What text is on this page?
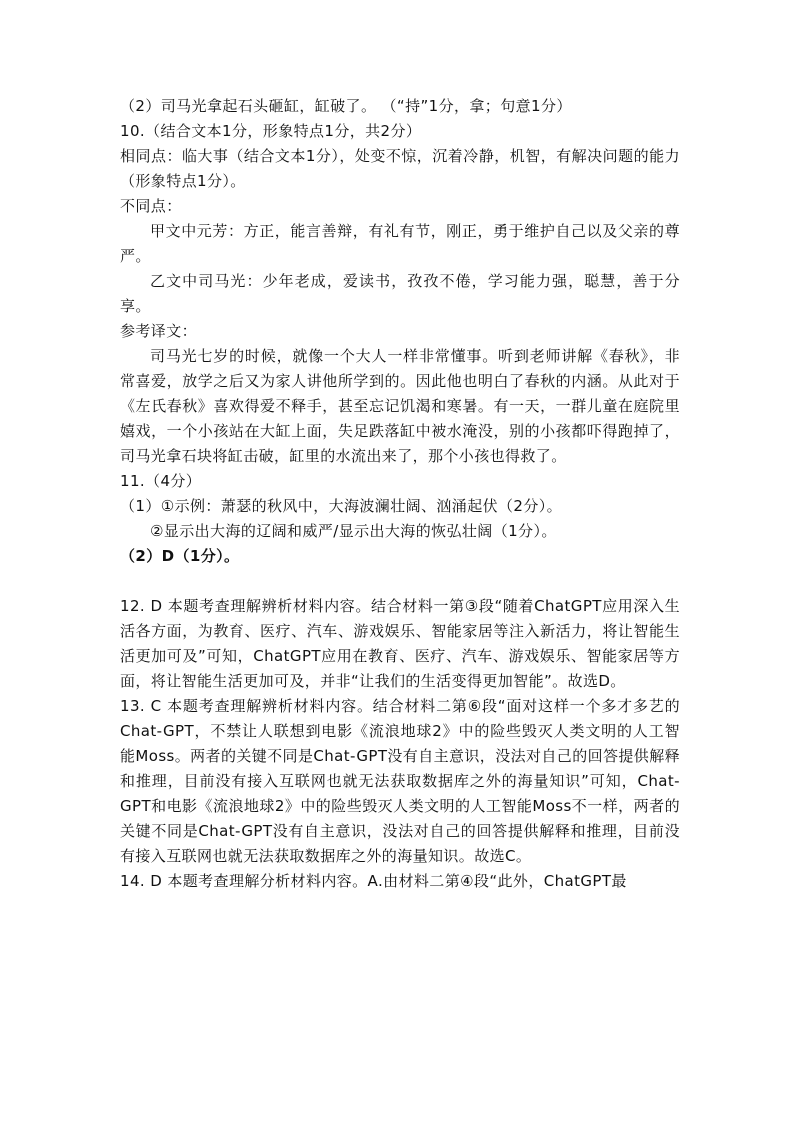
（2）司马光拿起石头砸缸，缸破了。 （“持”1分，拿；句意1分）
10.（结合文本1分，形象特点1分，共2分）
相同点：临大事（结合文本1分），处变不惊，沉着冷静，机智，有解决问题的能力（形象特点1分）。
不同点：
甲文中元芳：方正，能言善辩，有礼有节，刚正，勇于维护自己以及父亲的尊严。
乙文中司马光：少年老成，爱读书，孜孜不倦，学习能力强，聪慧，善于分享。
参考译文：
司马光七岁的时候，就像一个大人一样非常懂事。听到老师讲解《春秋》，非常喜爱，放学之后又为家人讲他所学到的。因此他也明白了春秋的内涵。从此对于《左氏春秋》喜欢得爱不释手，甚至忘记饥渴和寒暑。有一天，一群儿童在庭院里嬉戏，一个小孩站在大缸上面，失足跌落缸中被水淹没，别的小孩都吓得跑掉了，司马光拿石块将缸击破，缸里的水流出来了，那个小孩也得救了。
11.（4分）
（1）①示例：萧瑟的秋风中，大海波澜壮阔、汹涌起伏（2分）。
②显示出大海的辽阔和威严/显示出大海的恢弘壮阔（1分）。
（2）D（1分）。
12. D 本题考查理解辨析材料内容。结合材料一第③段“随着ChatGPT应用深入生活各方面，为教育、医疗、汽车、游戏娱乐、智能家居等注入新活力，将让智能生活更加可及”可知，ChatGPT应用在教育、医疗、汽车、游戏娱乐、智能家居等方面，将让智能生活更加可及，并非“让我们的生活变得更加智能”。故选D。
13. C 本题考查理解辨析材料内容。结合材料二第⑥段“面对这样一个多才多艺的Chat-GPT，不禁让人联想到电影《流浪地球2》中的险些毁灭人类文明的人工智能Moss。两者的关键不同是Chat-GPT没有自主意识，没法对自己的回答提供解释和推理，目前没有接入互联网也就无法获取数据库之外的海量知识”可知，Chat-GPT和电影《流浪地球2》中的险些毁灭人类文明的人工智能Moss不一样，两者的关键不同是Chat-GPT没有自主意识，没法对自己的回答提供解释和推理，目前没有接入互联网也就无法获取数据库之外的海量知识。故选C。
14. D 本题考查理解分析材料内容。A.由材料二第④段“此外，ChatGPT最
